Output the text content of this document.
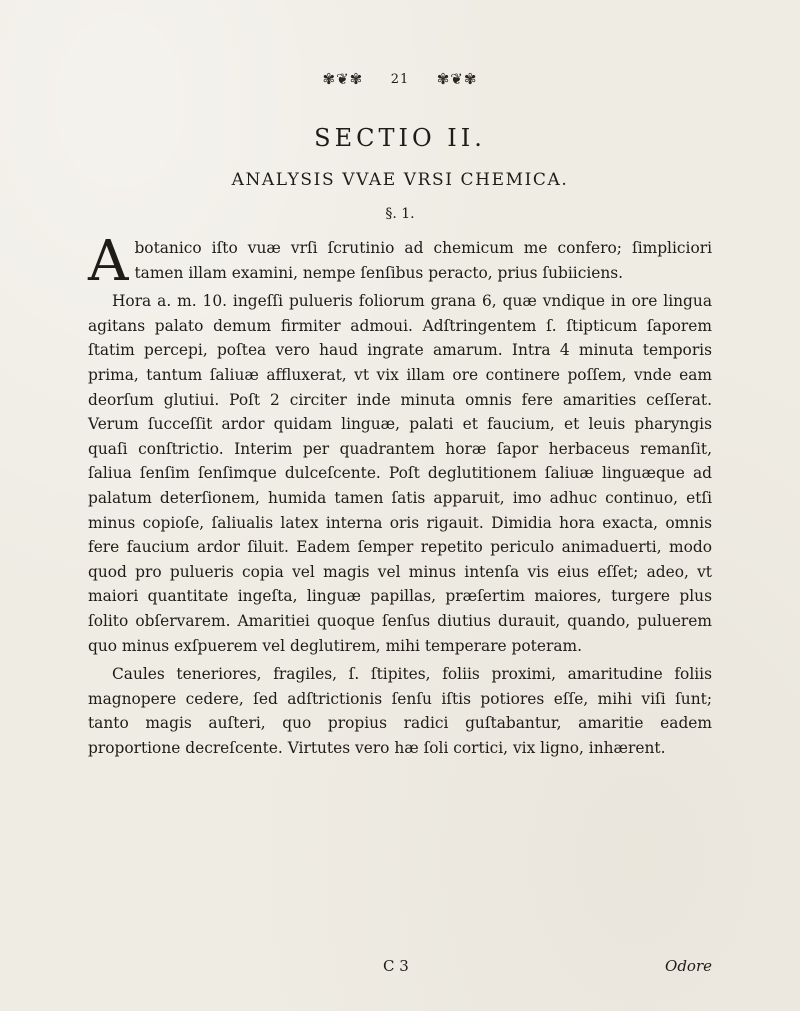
✾❦✾ 21 ✾❦✾
SECTIO II.
ANALYSIS VVAE VRSI CHEMICA.
§. 1.

A botanico iſto vuæ vrſi ſcrutinio ad chemicum me confero; ſimpliciori tamen illam examini, nempe ſenſibus peracto, prius ſubiiciens.

Hora a. m. 10. ingeſſi pulueris foliorum grana 6, quæ vndique in ore lingua agitans palato demum firmiter admoui. Adſtringentem ſ. ſtipticum ſaporem ſtatim percepi, poſtea vero haud ingrate amarum. Intra 4 minuta temporis prima, tantum ſaliuæ affluxerat, vt vix illam ore continere poſſem, vnde eam deorſum glutiui. Poſt 2 circiter inde minuta omnis fere amarities ceſſerat. Verum ſucceſſit ardor quidam linguæ, palati et faucium, et leuis pharyngis quaſi conſtrictio. Interim per quadrantem horæ ſapor herbaceus remanſit, ſaliua ſenſim ſenſimque dulceſcente. Poſt deglutitionem ſaliuæ linguæque ad palatum deterſionem, humida tamen ſatis apparuit, imo adhuc continuo, etſi minus copioſe, ſaliualis latex interna oris rigauit. Dimidia hora exacta, omnis fere faucium ardor ſiluit. Eadem ſemper repetito periculo animaduerti, modo quod pro pulueris copia vel magis vel minus intenſa vis eius eſſet; adeo, vt maiori quantitate ingeſta, linguæ papillas, præſertim maiores, turgere plus ſolito obſervarem. Amaritiei quoque ſenſus diutius durauit, quando, puluerem quo minus exſpuerem vel deglutirem, mihi temperare poteram.

Caules teneriores, fragiles, ſ. ſtipites, foliis proximi, amaritudine foliis magnopere cedere, ſed adſtrictionis ſenſu iſtis potiores eſſe, mihi viſi ſunt; tanto magis auſteri, quo propius radici guſtabantur, amaritie eadem proportione decreſcente. Virtutes vero hæ ſoli cortici, vix ligno, inhærent.

C 3	Odore
